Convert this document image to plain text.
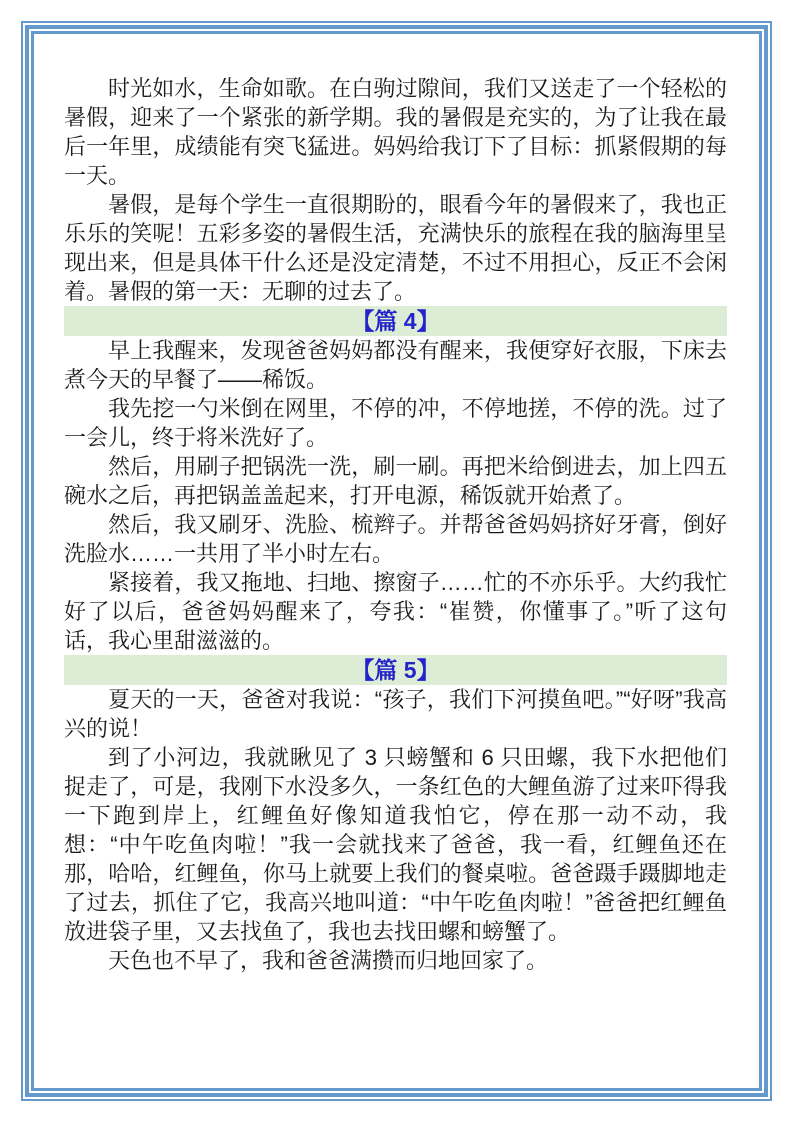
时光如水，生命如歌。在白驹过隙间，我们又送走了一个轻松的暑假，迎来了一个紧张的新学期。我的暑假是充实的，为了让我在最后一年里，成绩能有突飞猛进。妈妈给我订下了目标：抓紧假期的每一天。

暑假，是每个学生一直很期盼的，眼看今年的暑假来了，我也正乐乐的笑呢！五彩多姿的暑假生活，充满快乐的旅程在我的脑海里呈现出来，但是具体干什么还是没定清楚，不过不用担心，反正不会闲着。暑假的第一天：无聊的过去了。

【篇 4】

早上我醒来，发现爸爸妈妈都没有醒来，我便穿好衣服，下床去煮今天的早餐了——稀饭。

我先挖一勺米倒在网里，不停的冲，不停地搓，不停的洗。过了一会儿，终于将米洗好了。

然后，用刷子把锅洗一洗，刷一刷。再把米给倒进去，加上四五碗水之后，再把锅盖盖起来，打开电源，稀饭就开始煮了。

然后，我又刷牙、洗脸、梳辫子。并帮爸爸妈妈挤好牙膏，倒好洗脸水……一共用了半小时左右。

紧接着，我又拖地、扫地、擦窗子……忙的不亦乐乎。大约我忙好了以后，爸爸妈妈醒来了，夸我：“崔赞，你懂事了。”听了这句话，我心里甜滋滋的。

【篇 5】

夏天的一天，爸爸对我说：“孩子，我们下河摸鱼吧。”“好呀”我高兴的说！

到了小河边，我就瞅见了 3 只螃蟹和 6 只田螺，我下水把他们捉走了，可是，我刚下水没多久，一条红色的大鲤鱼游了过来吓得我一下跑到岸上，红鲤鱼好像知道我怕它，停在那一动不动，我想：“中午吃鱼肉啦！”我一会就找来了爸爸，我一看，红鲤鱼还在那，哈哈，红鲤鱼，你马上就要上我们的餐桌啦。爸爸蹑手蹑脚地走了过去，抓住了它，我高兴地叫道：“中午吃鱼肉啦！”爸爸把红鲤鱼放进袋子里，又去找鱼了，我也去找田螺和螃蟹了。

天色也不早了，我和爸爸满攒而归地回家了。
